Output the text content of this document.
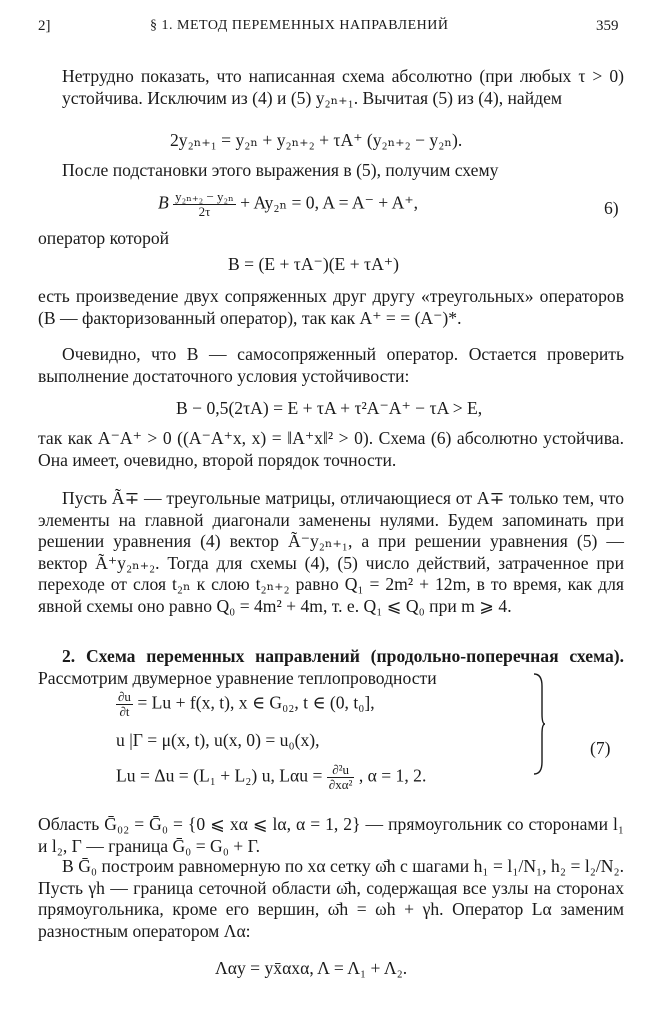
2]	§ 1. МЕТОД ПЕРЕМЕННЫХ НАПРАВЛЕНИЙ	359

Нетрудно показать, что написанная схема абсолютно (при любых τ > 0) устойчива. Исключим из (4) и (5) y₂ₙ₊₁. Вычитая (5) из (4), найдем

2y₂ₙ₊₁ = y₂ₙ + y₂ₙ₊₂ + τA⁺ (y₂ₙ₊₂ − y₂ₙ).

После подстановки этого выражения в (5), получим схему

B $\frac{\text{y₂ₙ₊₂ − y₂ₙ}}{2\tau} + Ay_{2n} = 0$, A = A⁻ + A⁺,	6)

оператор которой

B = (E + τA⁻)(E + τA⁺)

есть произведение двух сопряженных друг другу «треугольных» операторов (B — факторизованный оператор), так как A⁺ = = (A⁻)*.

Очевидно, что B — самосопряженный оператор. Остается проверить выполнение достаточного условия устойчивости:

B − 0,5(2τA) = E + τA + τ²A⁻A⁺ − τA > E,

так как A⁻A⁺ > 0 ((A⁻A⁺x, x) = ‖A⁺x‖² > 0). Схема (6) абсолютно устойчива. Она имеет, очевидно, второй порядок точности.

Пусть Ã∓ — треугольные матрицы, отличающиеся от A∓ только тем, что элементы на главной диагонали заменены нулями. Будем запоминать при решении уравнения (4) вектор Ã⁻y₂ₙ₊₁, а при решении уравнения (5) — вектор Ã⁺y₂ₙ₊₂. Тогда для схемы (4), (5) число действий, затраченное при переходе от слоя t₂ₙ к слою t₂ₙ₊₂ равно Q₁ = 2m² + 12m, в то время, как для явной схемы оно равно Q₀ = 4m² + 4m, т. е. Q₁ ⩽ Q₀ при m ⩾ 4.

2. Схема переменных направлений (продольно-поперечная схема). Рассмотрим двумерное уравнение теплопроводности

$\frac{\partial u}{\partial t} = Lu + f(x$, t), x ∈ G₀₂, t ∈ (0, t₀],
u |Γ = μ(x, t), u(x, 0) = u₀(x),
Lu = Δu = (L₁ + L₂) u, $L\alpha u = \frac{\text{∂²u}}{\text{∂xα²}}$ , α = 1, 2.
(7)

Область Ḡ₀₂ = Ḡ₀ = {0 ⩽ xα ⩽ lα, α = 1, 2} — прямоугольник со сторонами l₁ и l₂, Γ — граница Ḡ₀ = G₀ + Γ.

В Ḡ₀ построим равномерную по xα сетку ω̄h с шагами h₁ = l₁/N₁, h₂ = l₂/N₂. Пусть γh — граница сеточной области ω̄h, содержащая все узлы на сторонах прямоугольника, кроме его вершин, ω̄h = ωh + γh. Оператор Lα заменим разностным оператором Λα:

Λαy = yx̄αxα, Λ = Λ₁ + Λ₂.
